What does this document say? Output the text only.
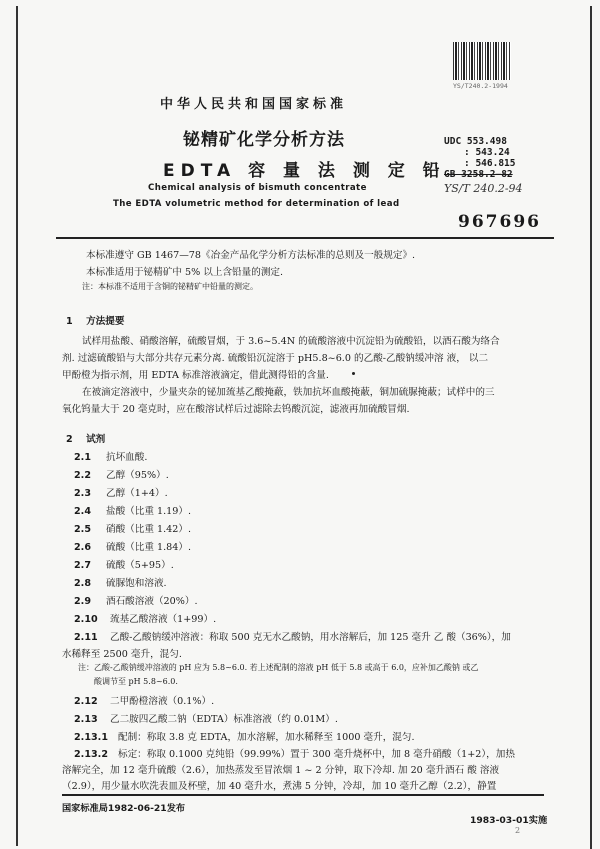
YS/T240.2-1994
中华人民共和国国家标准
铋精矿化学分析方法
EDTA 容 量 法 测 定 铅
Chemical analysis of bismuth concentrate
The EDTA volumetric method for determination of lead
UDC 553.498
: 543.24
: 546.815
GB 3258.2—82
YS/T 240.2-94
967696
本标准遵守 GB 1467—78《冶金产品化学分析方法标准的总则及一般规定》.
本标准适用于铋精矿中 5% 以上含铅量的测定.
注：本标准不适用于含铜的铋精矿中铅量的测定。
1 方法提要
试样用盐酸、硝酸溶解，硫酸冒烟，于 3.6~5.4N 的硫酸溶液中沉淀铅为硫酸铅，以酒石酸为络合
剂. 过滤硫酸铅与大部分共存元素分离. 硫酸铅沉淀溶于 pH5.8~6.0 的乙酸-乙酸钠缓冲溶 液， 以二
甲酚橙为指示剂，用 EDTA 标准溶液滴定，借此测得铅的含量.
在被滴定溶液中，少量夹杂的铋加巯基乙酸掩蔽，铁加抗坏血酸掩蔽，铜加硫脲掩蔽；试样中的三
氧化钨量大于 20 毫克时，应在酸溶试样后过滤除去钨酸沉淀，滤液再加硫酸冒烟.
2 试剂
2.1 抗坏血酸.
2.2 乙醇（95%）.
2.3 乙醇（1+4）.
2.4 盐酸（比重 1.19）.
2.5 硝酸（比重 1.42）.
2.6 硫酸（比重 1.84）.
2.7 硫酸（5+95）.
2.8 硫脲饱和溶液.
2.9 酒石酸溶液（20%）.
2.10 巯基乙酸溶液（1+99）.
2.11 乙酸-乙酸钠缓冲溶液：称取 500 克无水乙酸钠，用水溶解后，加 125 毫升 乙 酸（36%），加
水稀释至 2500 毫升，混匀.
注：乙酸-乙酸钠缓冲溶液的 pH 应为 5.8~6.0. 若上述配制的溶液 pH 低于 5.8 或高于 6.0，应补加乙酸钠 或乙
酸调节至 pH 5.8~6.0.
2.12 二甲酚橙溶液（0.1%）.
2.13 乙二胺四乙酸二钠（EDTA）标准溶液（约 0.01M）.
2.13.1 配制：称取 3.8 克 EDTA，加水溶解，加水稀释至 1000 毫升，混匀.
2.13.2 标定：称取 0.1000 克纯铅（99.99%）置于 300 毫升烧杯中，加 8 毫升硝酸（1+2），加热
溶解完全，加 12 毫升硫酸（2.6），加热蒸发至冒浓烟 1 ~ 2 分钟，取下冷却. 加 20 毫升酒石 酸 溶液
（2.9），用少量水吹洗表皿及杯壁，加 40 毫升水，煮沸 5 分钟，冷却，加 10 毫升乙醇（2.2），静置
国家标准局1982-06-21发布
1983-03-01实施
2
